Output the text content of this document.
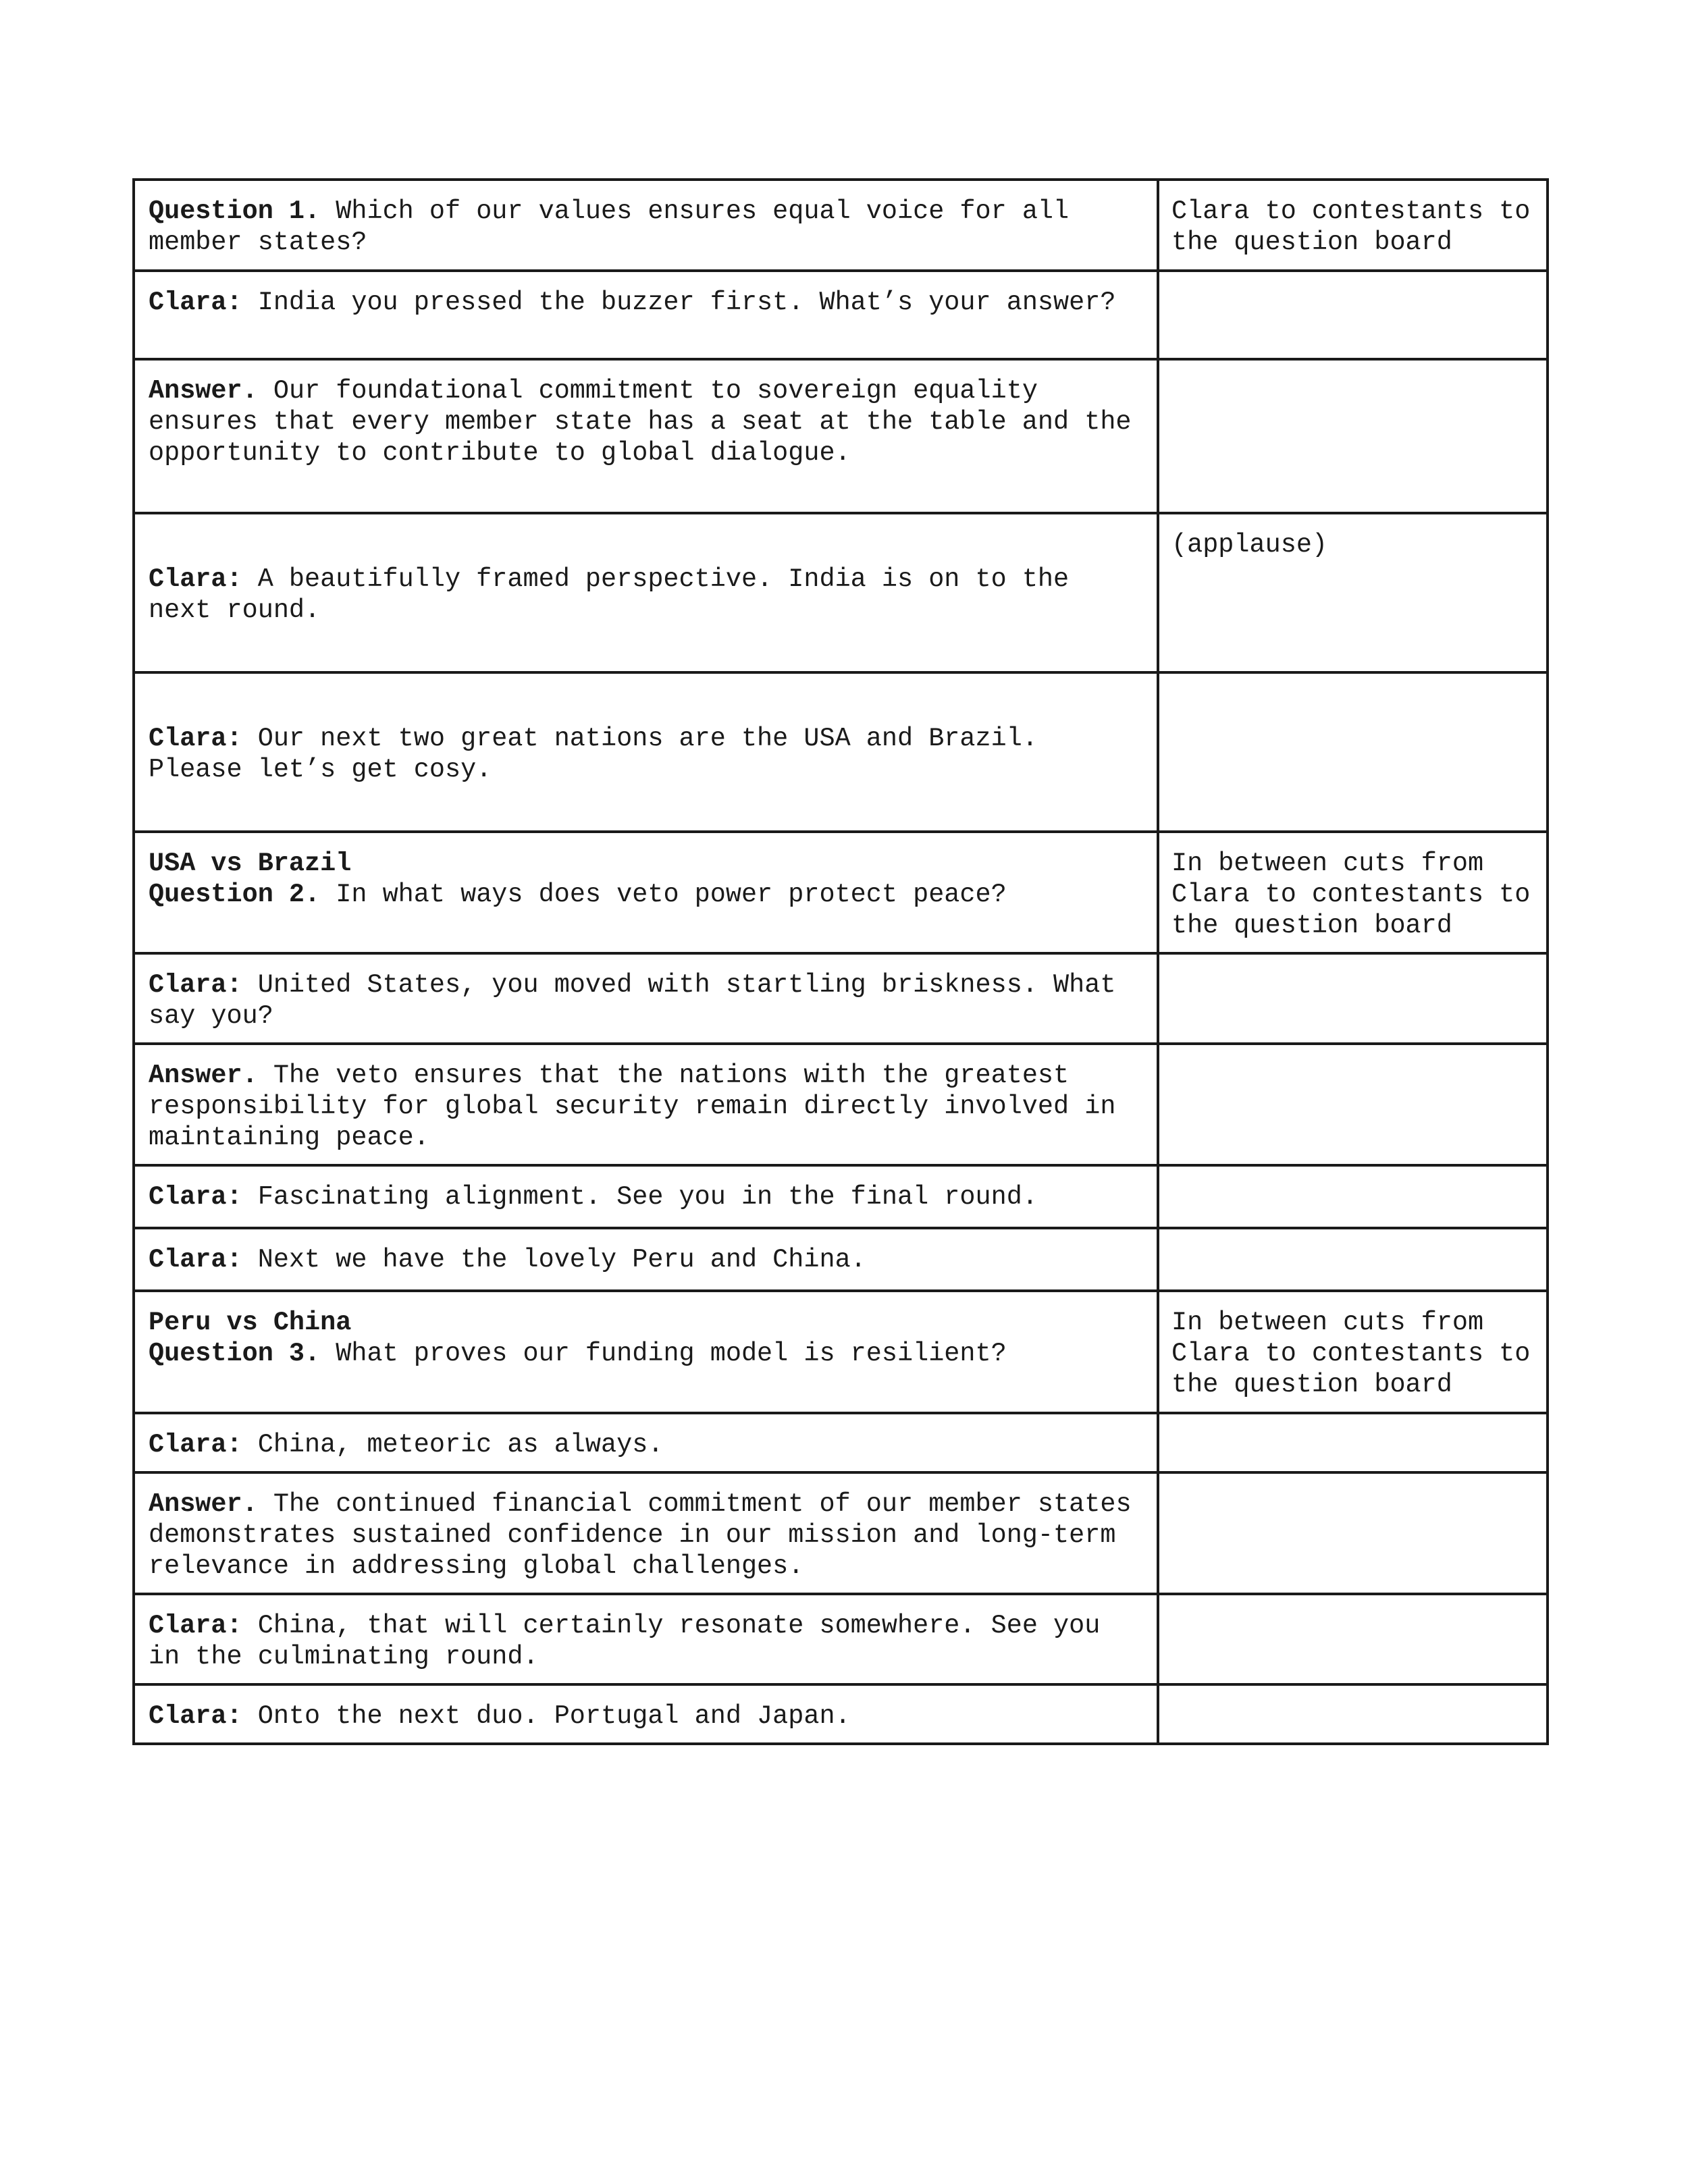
Question 1. Which of our values ensures equal voice for all member states?	Clara to contestants to the question board
Clara: India you pressed the buzzer first. What’s your answer?	
Answer. Our foundational commitment to sovereign equality ensures that every member state has a seat at the table and the opportunity to contribute to global dialogue.	
Clara: A beautifully framed perspective. India is on to the next round.	(applause)
Clara: Our next two great nations are the USA and Brazil. Please let’s get cosy.	

USA vs Brazil
Question 2. In what ways does veto power protect peace?	In between cuts from Clara to contestants to the question board
Clara: United States, you moved with startling briskness. What say you?	
Answer. The veto ensures that the nations with the greatest responsibility for global security remain directly involved in maintaining peace.	
Clara: Fascinating alignment. See you in the final round.	
Clara: Next we have the lovely Peru and China.	

Peru vs China
Question 3. What proves our funding model is resilient?	In between cuts from Clara to contestants to the question board
Clara: China, meteoric as always.	
Answer. The continued financial commitment of our member states demonstrates sustained confidence in our mission and long-term relevance in addressing global challenges.	
Clara: China, that will certainly resonate somewhere. See you in the culminating round.	
Clara: Onto the next duo. Portugal and Japan.	
